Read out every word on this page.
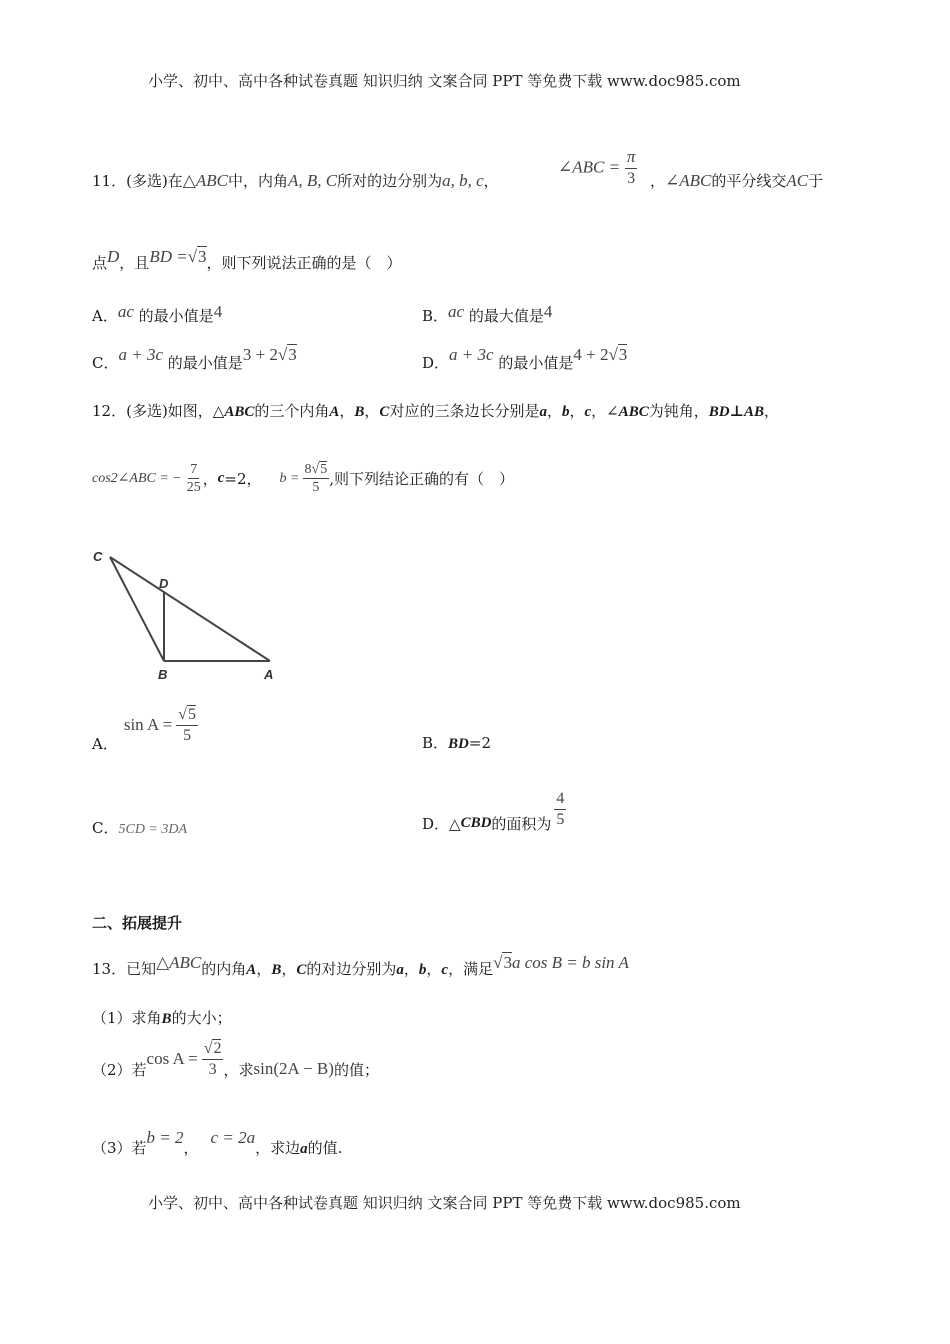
小学、初中、高中各种试卷真题 知识归纳 文案合同 PPT 等免费下载 www.doc985.com
11．(多选)在△ABC中，内角A, B, C所对的边分别为a, b, c，
∠ABC = $\frac{\pi}{3}$ ，∠ABC的平分线交AC于
点D，且BD =√3，则下列说法正确的是（　）
A．ac 的最小值是4	B．ac 的最大值是4
C．a + 3c 的最小值是3 + 2√3	D．a + 3c 的最小值是4 + 2√3
12．(多选)如图，△ABC的三个内角A，B，C对应的三条边长分别是a，b，c，∠ABC为钝角，BD⊥AB，
cos2∠ABC = − $\frac{7}{25}$ ， c =2， $b = \frac{8√5}{5}$ ,则下列结论正确的有（　）
C
D
B	A
A．
$\sin A = \frac{√5}{5}$	B．BD=2
C．5CD = 3DA	D．△ CBD 的面积为 $\frac{4}{5}$
二、拓展提升
13．已知△ABC的内角A，B，C的对边分别为a，b，c，满足√3a cos B = b sin A
（1）求角B的大小；
（2）若
$\cos A = \frac{√2}{3}$ ，求 sin(2A − B) 的值；
（3）若b = 2，c = 2a，求边a的值.
小学、初中、高中各种试卷真题 知识归纳 文案合同 PPT 等免费下载 www.doc985.com
